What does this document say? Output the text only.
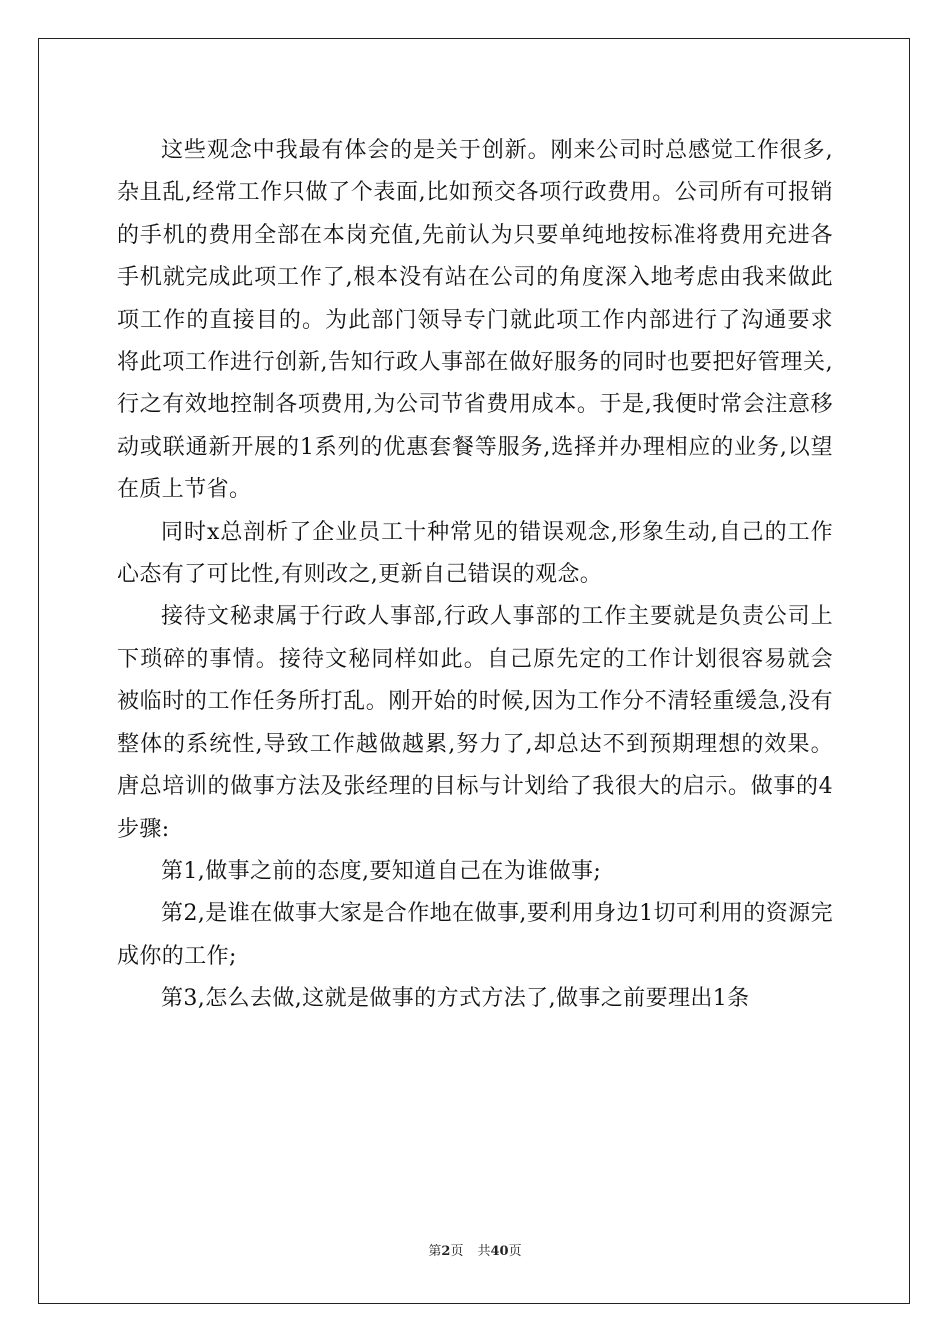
这些观念中我最有体会的是关于创新。刚来公司时总感觉工作很多,杂且乱,经常工作只做了个表面,比如预交各项行政费用。公司所有可报销的手机的费用全部在本岗充值,先前认为只要单纯地按标准将费用充进各手机就完成此项工作了,根本没有站在公司的角度深入地考虑由我来做此项工作的直接目的。为此部门领导专门就此项工作内部进行了沟通要求将此项工作进行创新,告知行政人事部在做好服务的同时也要把好管理关,行之有效地控制各项费用,为公司节省费用成本。于是,我便时常会注意移动或联通新开展的1系列的优惠套餐等服务,选择并办理相应的业务,以望在质上节省。

同时x总剖析了企业员工十种常见的错误观念,形象生动,自己的工作心态有了可比性,有则改之,更新自己错误的观念。

接待文秘隶属于行政人事部,行政人事部的工作主要就是负责公司上下琐碎的事情。接待文秘同样如此。自己原先定的工作计划很容易就会被临时的工作任务所打乱。刚开始的时候,因为工作分不清轻重缓急,没有整体的系统性,导致工作越做越累,努力了,却总达不到预期理想的效果。唐总培训的做事方法及张经理的目标与计划给了我很大的启示。做事的4步骤:

第1,做事之前的态度,要知道自己在为谁做事;

第2,是谁在做事大家是合作地在做事,要利用身边1切可利用的资源完成你的工作;

第3,怎么去做,这就是做事的方式方法了,做事之前要理出1条

第2页 共40页
